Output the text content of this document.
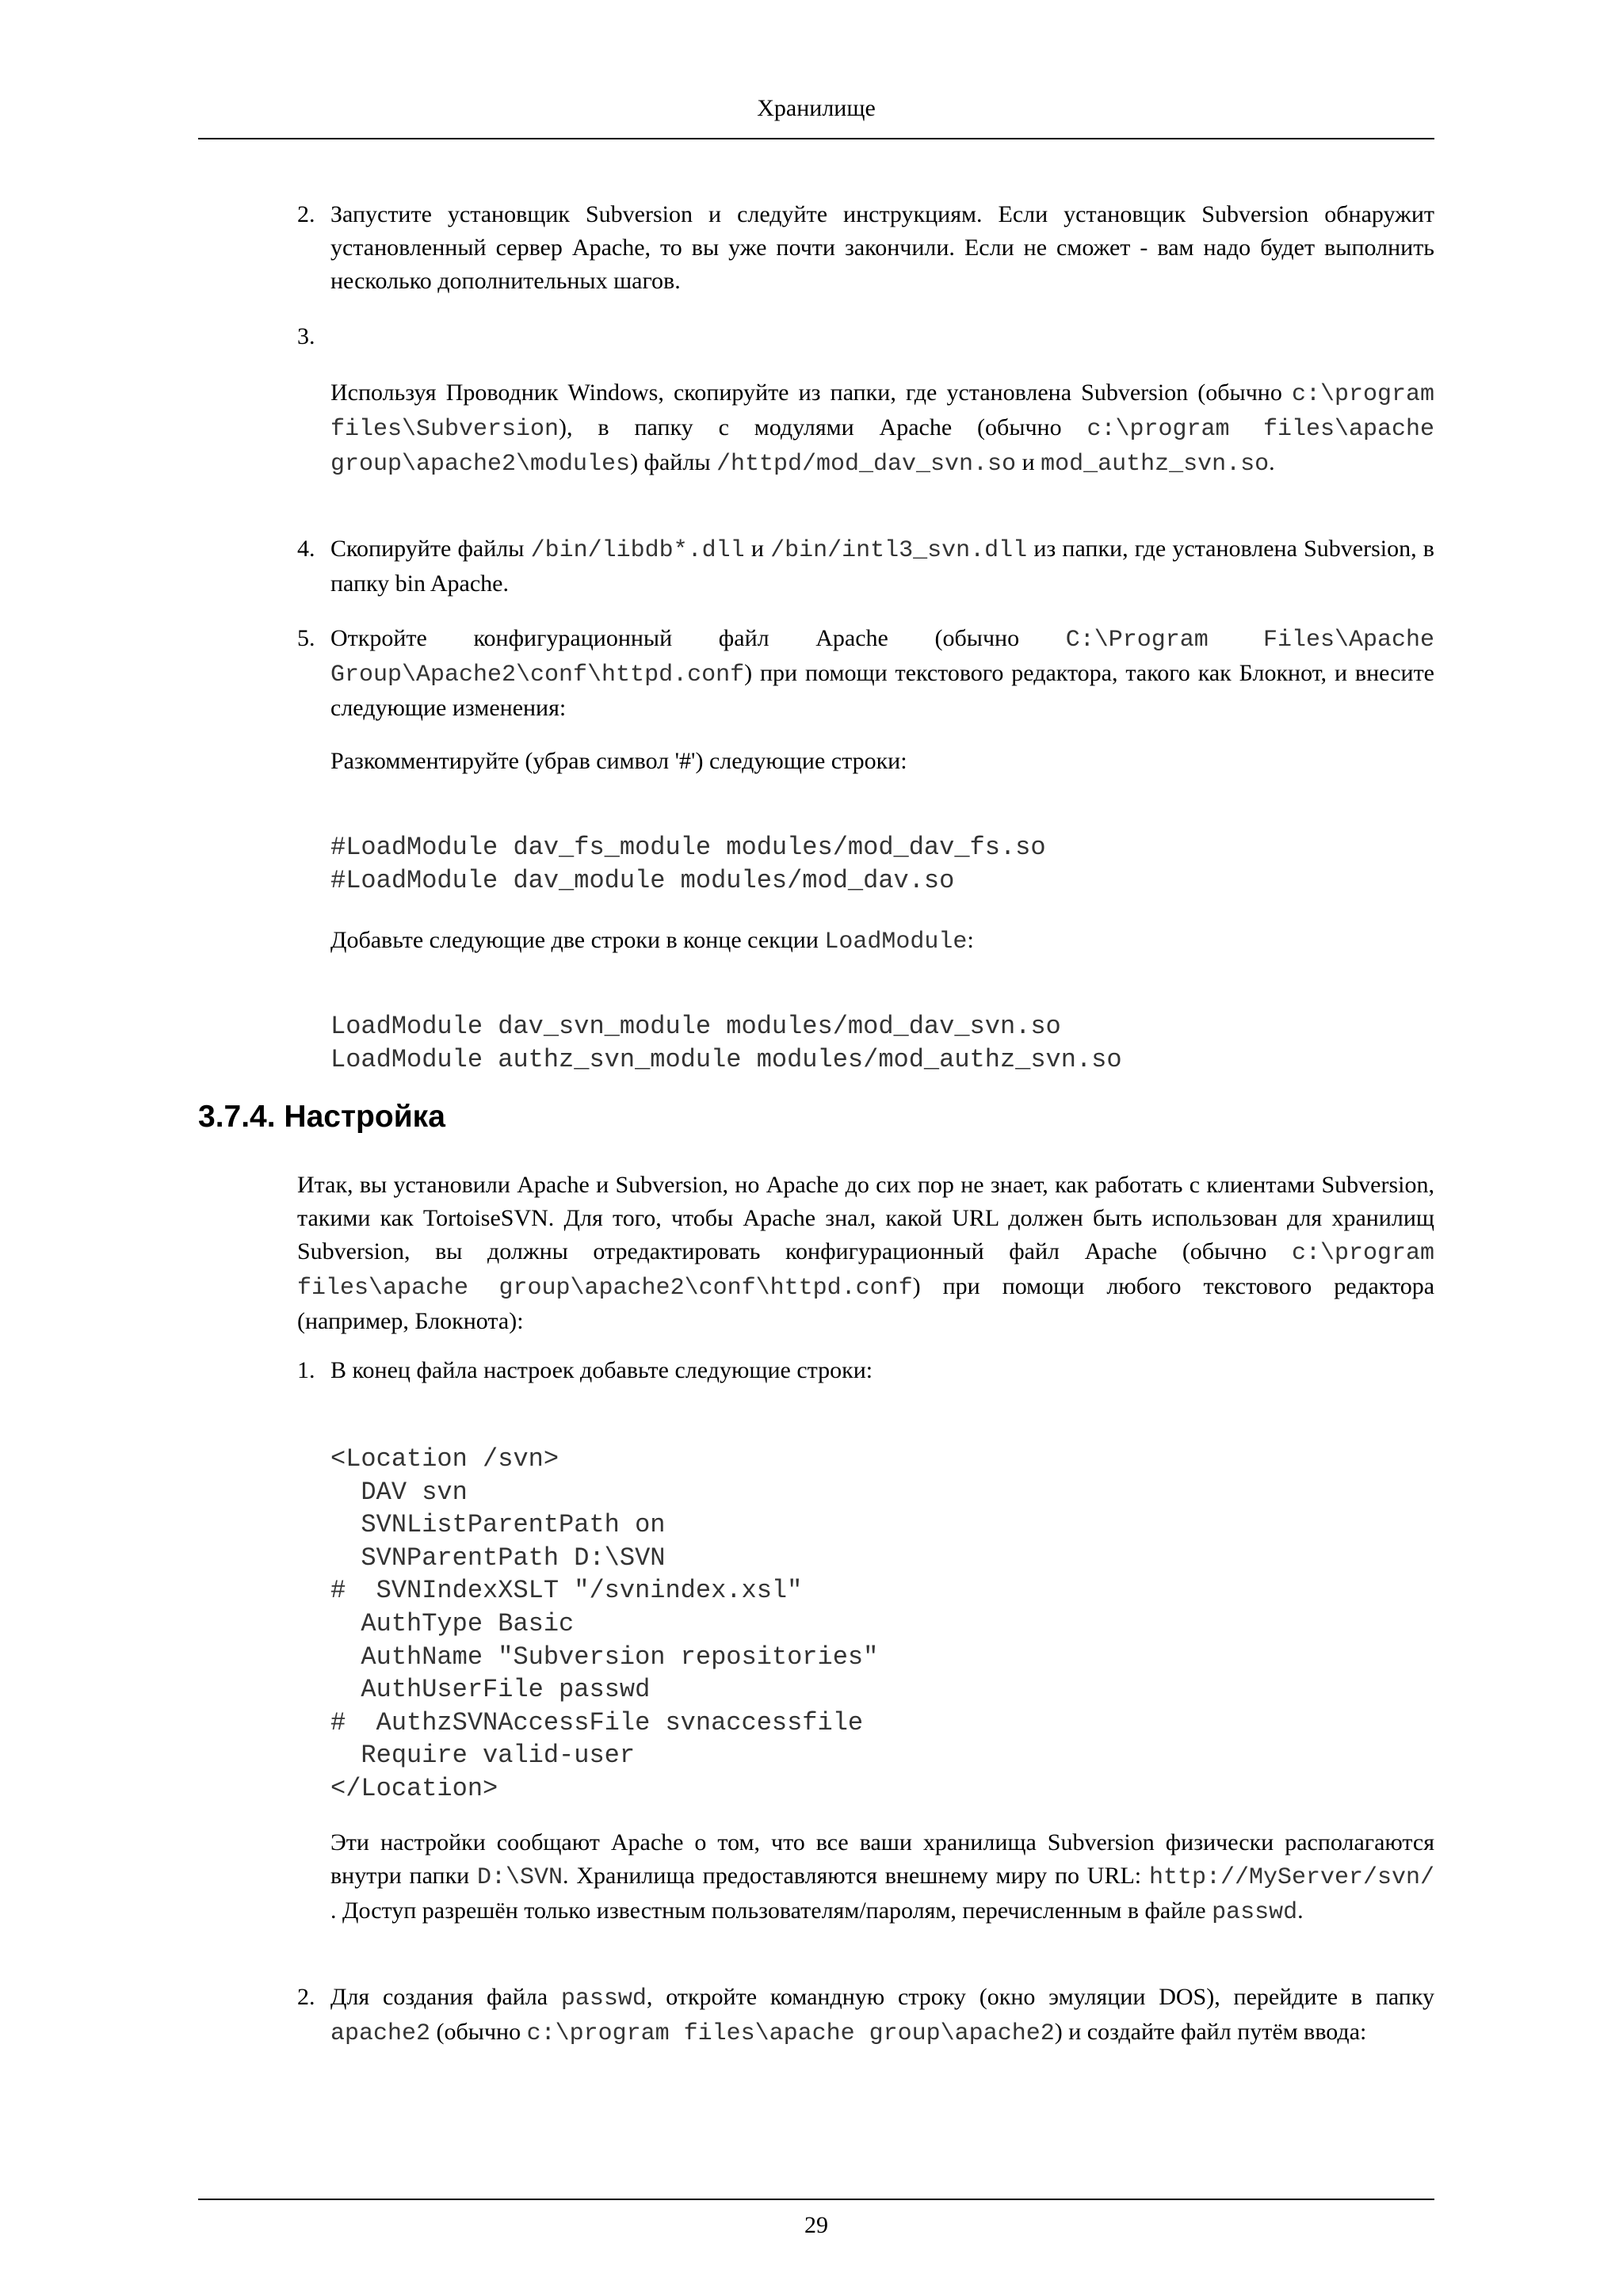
Хранилище
2. Запустите установщик Subversion и следуйте инструкциям. Если установщик Subversion обнаружит установленный сервер Apache, то вы уже почти закончили. Если не сможет - вам надо будет выполнить несколько дополнительных шагов.

3.

Используя Проводник Windows, скопируйте из папки, где установлена Subversion (обычно c:\program files\Subversion), в папку с модулями Apache (обычно c:\program files\apache group\apache2\modules) файлы /httpd/mod_dav_svn.so и mod_authz_svn.so.

4. Скопируйте файлы /bin/libdb*.dll и /bin/intl3_svn.dll из папки, где установлена Subversion, в папку bin Apache.

5. Откройте конфигурационный файл Apache (обычно C:\Program Files\Apache Group\Apache2\conf\httpd.conf) при помощи текстового редактора, такого как Блокнот, и внесите следующие изменения:

Разкомментируйте (убрав символ '#') следующие строки:

#LoadModule dav_fs_module modules/mod_dav_fs.so
#LoadModule dav_module modules/mod_dav.so

Добавьте следующие две строки в конце секции LoadModule:

LoadModule dav_svn_module modules/mod_dav_svn.so
LoadModule authz_svn_module modules/mod_authz_svn.so
3.7.4. Настройка

Итак, вы установили Apache и Subversion, но Apache до сих пор не знает, как работать с клиентами Subversion, такими как TortoiseSVN. Для того, чтобы Apache знал, какой URL должен быть использован для хранилищ Subversion, вы должны отредактировать конфигурационный файл Apache (обычно c:\program files\apache group\apache2\conf\httpd.conf) при помощи любого текстового редактора (например, Блокнота):

1. В конец файла настроек добавьте следующие строки:

<Location /svn>
DAV svn
SVNListParentPath on
SVNParentPath D:\SVN
#  SVNIndexXSLT "/svnindex.xsl"
AuthType Basic
AuthName "Subversion repositories"
AuthUserFile passwd
#  AuthzSVNAccessFile svnaccessfile
Require valid-user
</Location>

Эти настройки сообщают Apache о том, что все ваши хранилища Subversion физически располагаются внутри папки D:\SVN. Хранилища предоставляются внешнему миру по URL: http://MyServer/svn/ . Доступ разрешён только известным пользователям/паролям, перечисленным в файле passwd.

2. Для создания файла passwd, откройте командную строку (окно эмуляции DOS), перейдите в папку apache2 (обычно c:\program files\apache group\apache2) и создайте файл путём ввода:

29
